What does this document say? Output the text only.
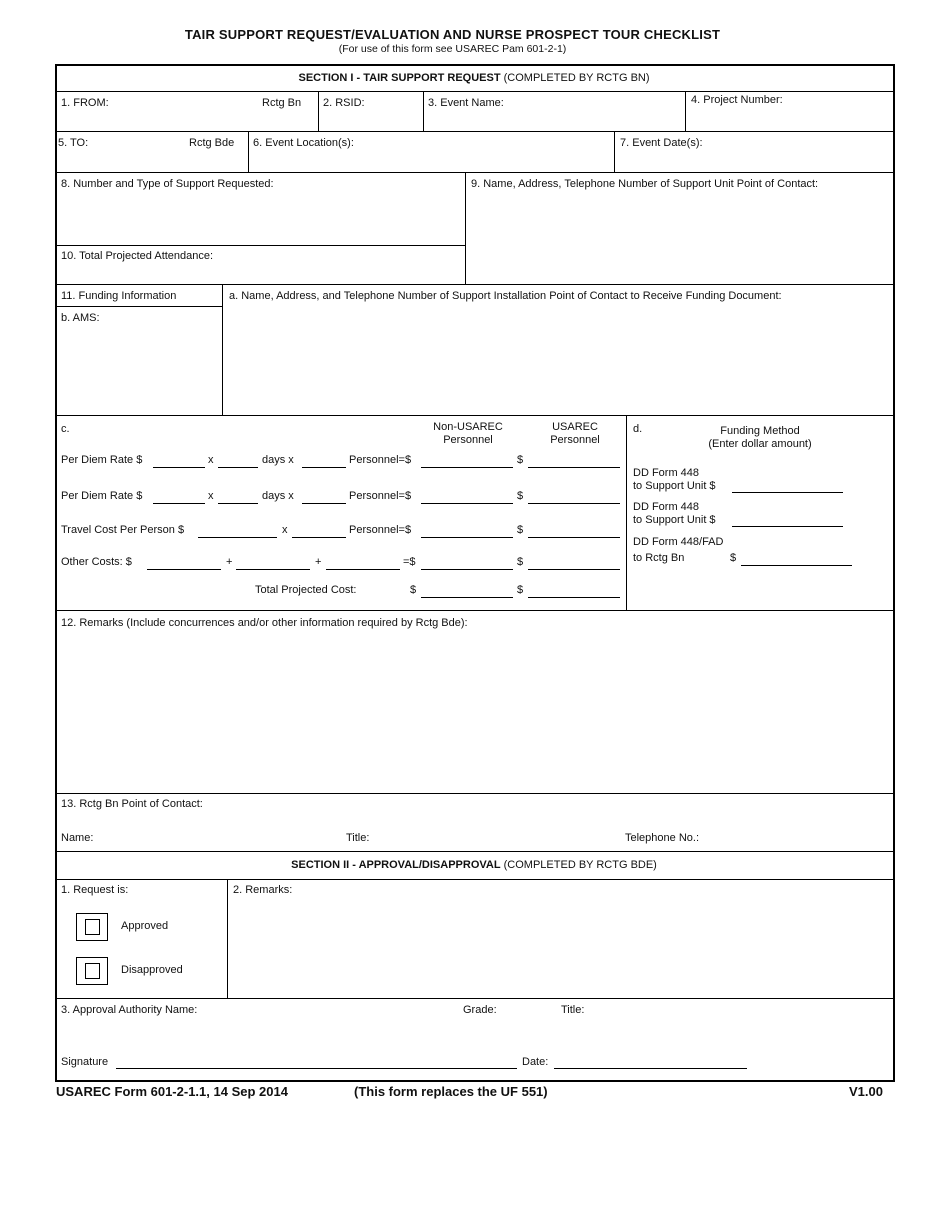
TAIR SUPPORT REQUEST/EVALUATION AND NURSE PROSPECT TOUR CHECKLIST
(For use of this form see USAREC Pam 601-2-1)
SECTION I - TAIR SUPPORT REQUEST (COMPLETED BY RCTG BN)
1. FROM:	Rctg Bn 2. RSID:	3. Event Name:	4. Project Number:
5. TO:	Rctg Bde 6. Event Location(s):	7. Event Date(s):
8. Number and Type of Support Requested:	9. Name, Address, Telephone Number of Support Unit Point of Contact:
10. Total Projected Attendance:
11. Funding Information	a. Name, Address, and Telephone Number of Support Installation Point of Contact to Receive Funding Document:
b. AMS:
c.	Non-USAREC Personnel
USAREC Personnel
Per Diem Rate $	x	days x	Personnel=$	$
Per Diem Rate $	x	days x	Personnel=$	$
Travel Cost Per Person $	x	Personnel=$	$
Other Costs: $	+	+	=$	$
Total Projected Cost:	$	$
d.	Funding Method
(Enter dollar amount)
DD Form 448
to Support Unit $
DD Form 448
to Support Unit $
DD Form 448/FAD
to Rctg Bn	$
12. Remarks (Include concurrences and/or other information required by Rctg Bde):
13. Rctg Bn Point of Contact:
Name:	Title:	Telephone No.:
SECTION II - APPROVAL/DISAPPROVAL (COMPLETED BY RCTG BDE)
1. Request is:
Approved
Disapproved
2. Remarks:
3. Approval Authority Name:	Grade:	Title:
Signature	Date:
USAREC Form 601-2-1.1, 14 Sep 2014	(This form replaces the UF 551)	V1.00
